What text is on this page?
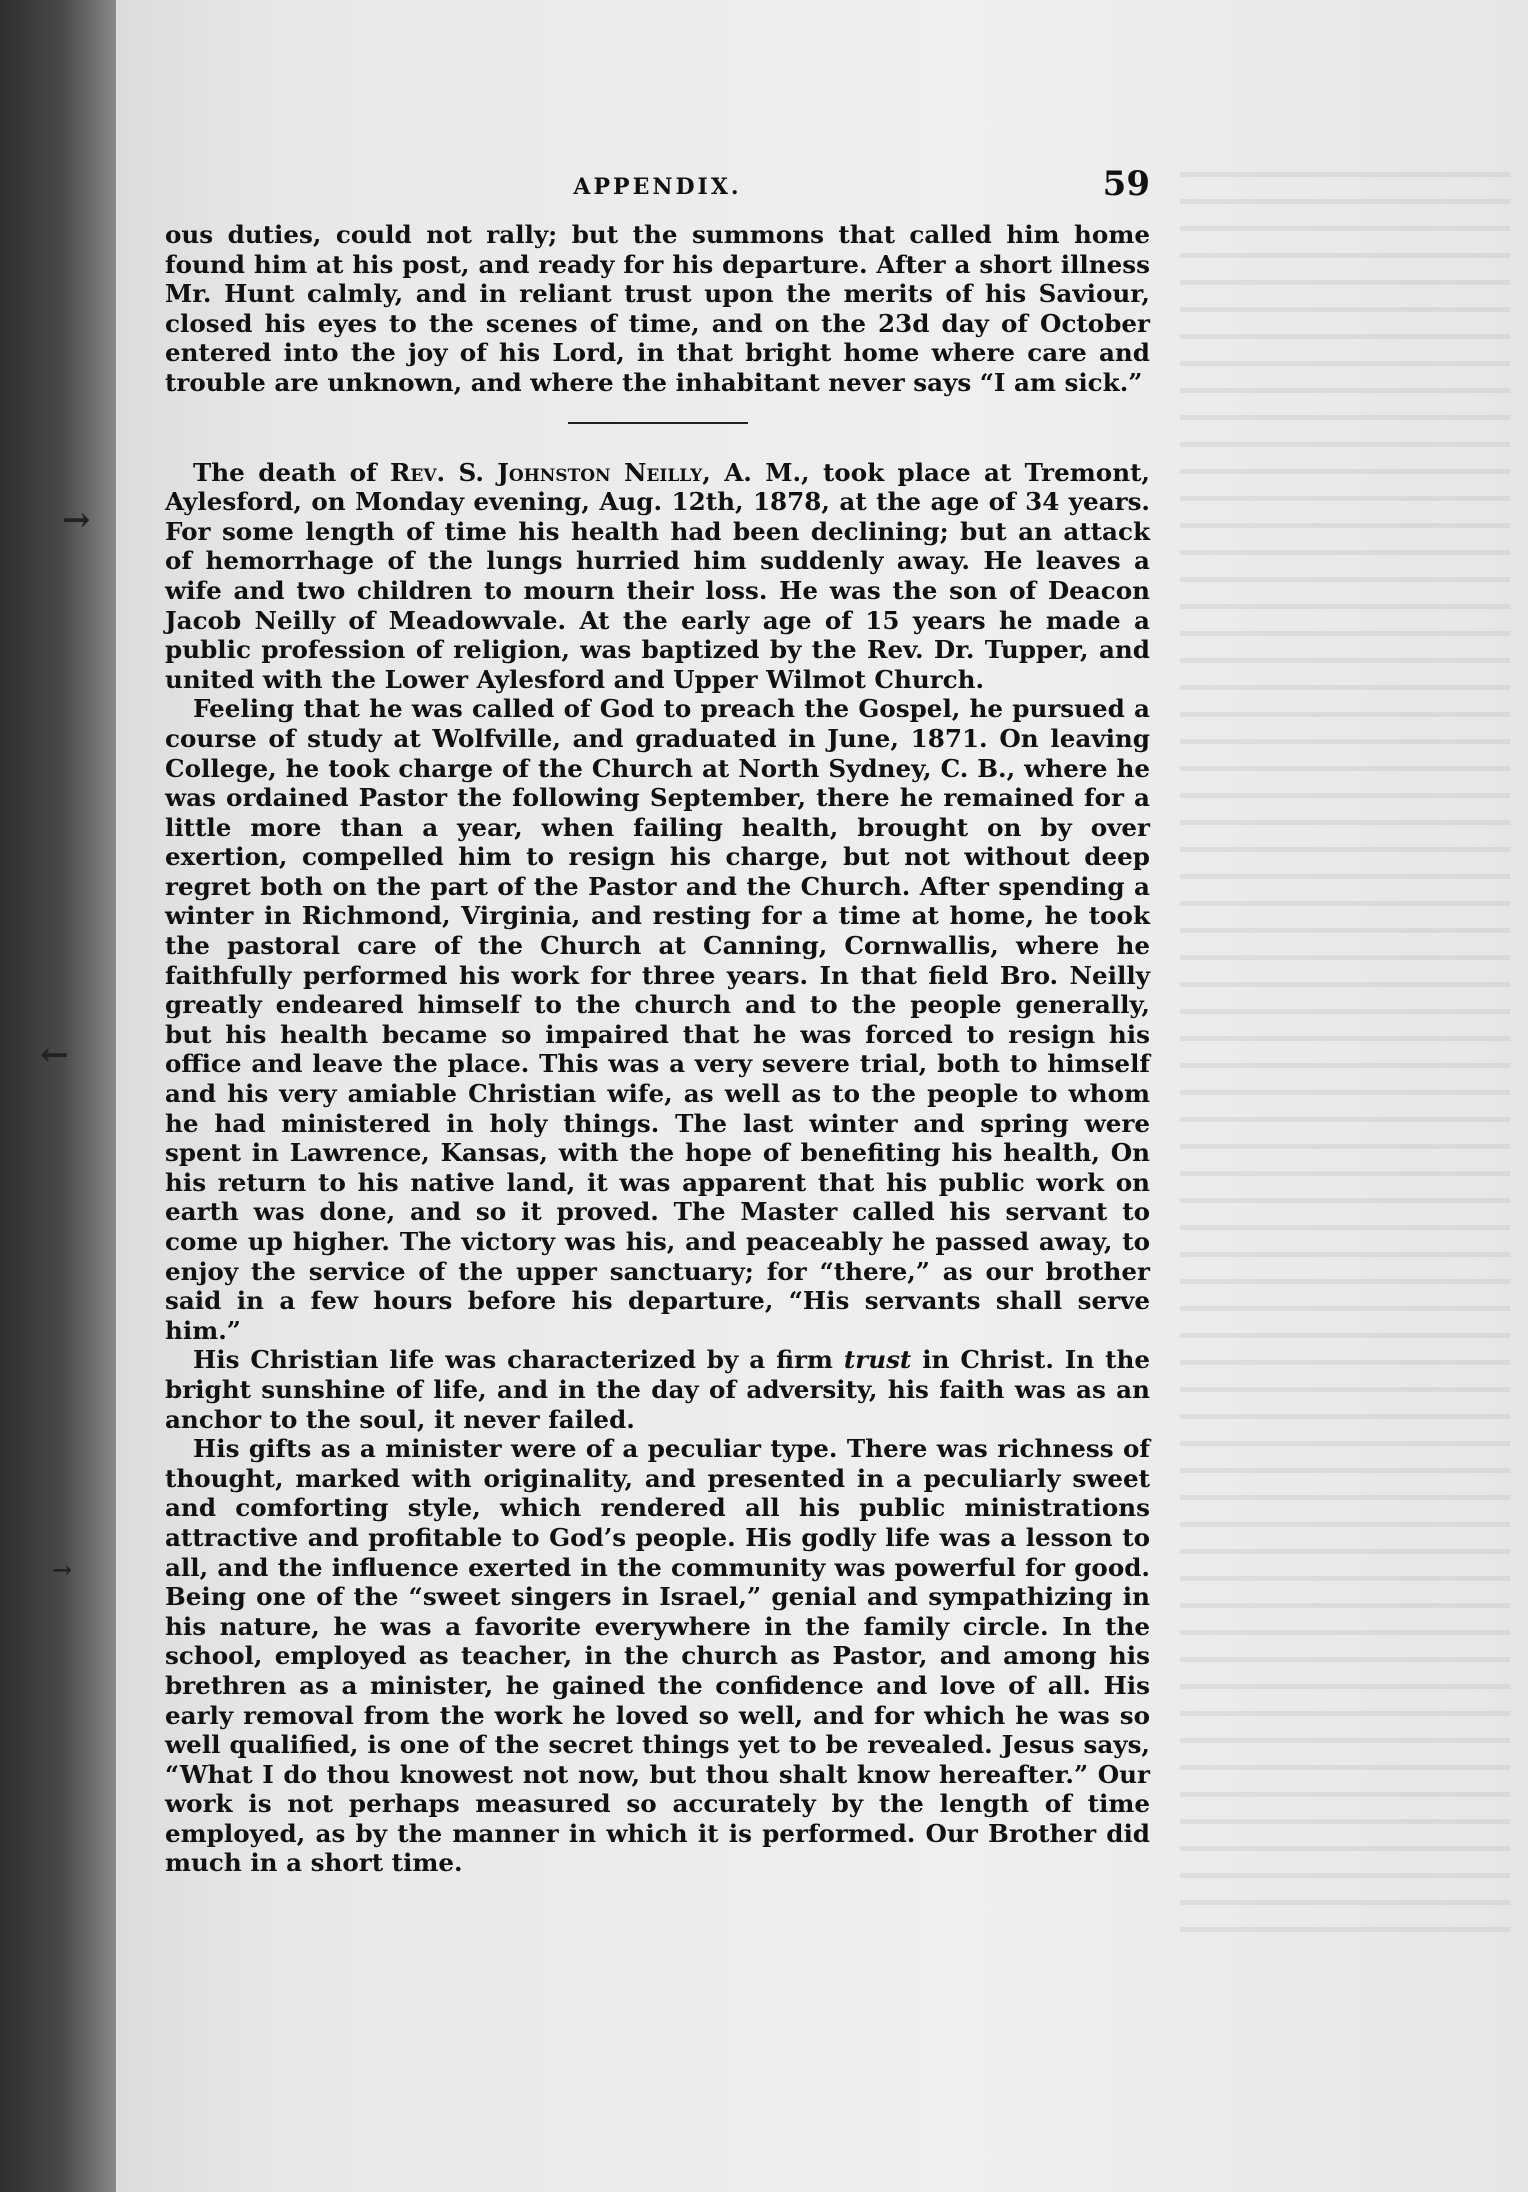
→
←
→
APPENDIX.	59

ous duties, could not rally; but the summons that called him home found him at his post, and ready for his departure. After a short illness Mr. Hunt calmly, and in reliant trust upon the merits of his Saviour, closed his eyes to the scenes of time, and on the 23d day of October entered into the joy of his Lord, in that bright home where care and trouble are unknown, and where the inhabitant never says “I am sick.”

The death of Rev. S. Johnston Neilly, A. M., took place at Tremont, Aylesford, on Monday evening, Aug. 12th, 1878, at the age of 34 years. For some length of time his health had been declining; but an attack of hemorrhage of the lungs hurried him suddenly away. He leaves a wife and two children to mourn their loss. He was the son of Deacon Jacob Neilly of Meadowvale. At the early age of 15 years he made a public profession of religion, was baptized by the Rev. Dr. Tupper, and united with the Lower Aylesford and Upper Wilmot Church.

Feeling that he was called of God to preach the Gospel, he pursued a course of study at Wolfville, and graduated in June, 1871. On leaving College, he took charge of the Church at North Sydney, C. B., where he was ordained Pastor the following September, there he remained for a little more than a year, when failing health, brought on by over exertion, compelled him to resign his charge, but not without deep regret both on the part of the Pastor and the Church. After spending a winter in Richmond, Virginia, and resting for a time at home, he took the pastoral care of the Church at Canning, Cornwallis, where he faithfully performed his work for three years. In that field Bro. Neilly greatly endeared himself to the church and to the people generally, but his health became so impaired that he was forced to resign his office and leave the place. This was a very severe trial, both to himself and his very amiable Christian wife, as well as to the people to whom he had ministered in holy things. The last winter and spring were spent in Lawrence, Kansas, with the hope of benefiting his health, On his return to his native land, it was apparent that his public work on earth was done, and so it proved. The Master called his servant to come up higher. The victory was his, and peaceably he passed away, to enjoy the service of the upper sanctuary; for “there,” as our brother said in a few hours before his departure, “His servants shall serve him.”

His Christian life was characterized by a firm trust in Christ. In the bright sunshine of life, and in the day of adversity, his faith was as an anchor to the soul, it never failed.

His gifts as a minister were of a peculiar type. There was richness of thought, marked with originality, and presented in a peculiarly sweet and comforting style, which rendered all his public ministrations attractive and profitable to God’s people. His godly life was a lesson to all, and the influence exerted in the community was powerful for good. Being one of the “sweet singers in Israel,” genial and sympathizing in his nature, he was a favorite everywhere in the family circle. In the school, employed as teacher, in the church as Pastor, and among his brethren as a minister, he gained the confidence and love of all. His early removal from the work he loved so well, and for which he was so well qualified, is one of the secret things yet to be revealed. Jesus says, “What I do thou knowest not now, but thou shalt know hereafter.” Our work is not perhaps measured so accurately by the length of time employed, as by the manner in which it is performed. Our Brother did much in a short time.
